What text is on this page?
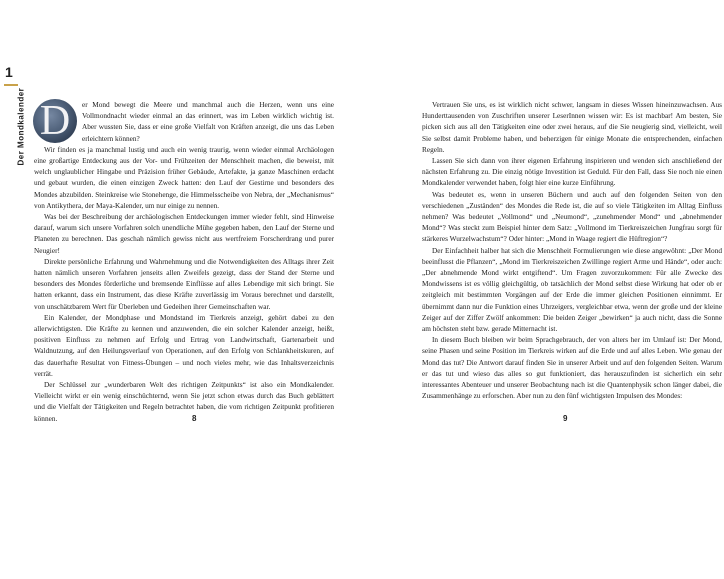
1
Der Mondkalender D	er Mond bewegt die Meere und manchmal auch die Herzen, wenn uns eine Vollmondnacht wieder einmal an das erinnert, was im Leben wirklich wichtig ist. Aber wussten Sie, dass er eine große Vielfalt von Kräften anzeigt, die uns das Leben erleichtern können?

Wir finden es ja manchmal lustig und auch ein wenig traurig, wenn wieder einmal Archäologen eine großartige Entdeckung aus der Vor- und Frühzeiten der Menschheit machen, die beweist, mit welch unglaublicher Hingabe und Präzision früher Gebäude, Artefakte, ja ganze Maschinen erdacht und gebaut wurden, die einen einzigen Zweck hatten: den Lauf der Gestirne und besonders des Mondes abzubilden. Steinkreise wie Stonehenge, die Himmelsscheibe von Nebra, der „Mechanismus“ von Antikythera, der Maya-Kalender, um nur einige zu nennen.

Was bei der Beschreibung der archäologischen Entdeckungen immer wieder fehlt, sind Hinweise darauf, warum sich unsere Vorfahren solch unendliche Mühe gegeben haben, den Lauf der Sterne und Planeten zu berechnen. Das geschah nämlich gewiss nicht aus wertfreiem Forscherdrang und purer Neugier!

Direkte persönliche Erfahrung und Wahrnehmung und die Notwendigkeiten des Alltags ihrer Zeit hatten nämlich unseren Vorfahren jenseits allen Zweifels gezeigt, dass der Stand der Sterne und besonders des Mondes förderliche und bremsende Einflüsse auf alles Lebendige mit sich bringt. Sie hatten erkannt, dass ein Instrument, das diese Kräfte zuverlässig im Voraus berechnet und darstellt, von unschätzbarem Wert für Überleben und Gedeihen ihrer Gemeinschaften war.

Ein Kalender, der Mondphase und Mondstand im Tierkreis anzeigt, gehört dabei zu den allerwichtigsten. Die Kräfte zu kennen und anzuwenden, die ein solcher Kalender anzeigt, heißt, positiven Einfluss zu nehmen auf Erfolg und Ertrag von Landwirtschaft, Gartenarbeit und Waldnutzung, auf den Heilungsverlauf von Operationen, auf den Erfolg von Schlankheitskuren, auf das dauerhafte Resultat von Fitness-Übungen – und noch vieles mehr, wie das Inhaltsverzeichnis verrät.

Der Schlüssel zur „wunderbaren Welt des richtigen Zeitpunkts“ ist also ein Mondkalender. Vielleicht wirkt er ein wenig einschüchternd, wenn Sie jetzt schon etwas durch das Buch geblättert und die Vielfalt der Tätigkeiten und Regeln betrachtet haben, die vom richtigen Zeitpunkt profitieren können.

Vertrauen Sie uns, es ist wirklich nicht schwer, langsam in dieses Wissen hineinzuwachsen. Aus Hunderttausenden von Zuschriften unserer LeserInnen wissen wir: Es ist machbar! Am besten, Sie picken sich aus all den Tätigkeiten eine oder zwei heraus, auf die Sie neugierig sind, vielleicht, weil Sie selbst damit Probleme haben, und beherzigen für einige Monate die entsprechenden, einfachen Regeln.

Lassen Sie sich dann von ihrer eigenen Erfahrung inspirieren und wenden sich anschließend der nächsten Erfahrung zu. Die einzig nötige Investition ist Geduld. Für den Fall, dass Sie noch nie einen Mondkalender verwendet haben, folgt hier eine kurze Einführung.

Was bedeutet es, wenn in unseren Büchern und auch auf den folgenden Seiten von den verschiedenen „Zuständen“ des Mondes die Rede ist, die auf so viele Tätigkeiten im Alltag Einfluss nehmen? Was bedeutet „Vollmond“ und „Neumond“, „zunehmender Mond“ und „abnehmender Mond“? Was steckt zum Beispiel hinter dem Satz: „Vollmond im Tierkreiszeichen Jungfrau sorgt für stärkeres Wurzelwachstum“? Oder hinter: „Mond in Waage regiert die Hüftregion“?

Der Einfachheit halber hat sich die Menschheit Formulierungen wie diese angewöhnt: „Der Mond beeinflusst die Pflanzen“, „Mond im Tierkreiszeichen Zwillinge regiert Arme und Hände“, oder auch: „Der abnehmende Mond wirkt entgiftend“. Um Fragen zuvorzukommen: Für alle Zwecke des Mondwissens ist es völlig gleichgültig, ob tatsächlich der Mond selbst diese Wirkung hat oder ob er zeitgleich mit bestimmten Vorgängen auf der Erde die immer gleichen Positionen einnimmt. Er übernimmt dann nur die Funktion eines Uhrzeigers, vergleichbar etwa, wenn der große und der kleine Zeiger auf der Ziffer Zwölf ankommen: Die beiden Zeiger „bewirken“ ja auch nicht, dass die Sonne am höchsten steht bzw. gerade Mitternacht ist.

In diesem Buch bleiben wir beim Sprachgebrauch, der von alters her im Umlauf ist: Der Mond, seine Phasen und seine Position im Tierkreis wirken auf die Erde und auf alles Leben. Wie genau der Mond das tut? Die Antwort darauf finden Sie in unserer Arbeit und auf den folgenden Seiten. Warum er das tut und wieso das alles so gut funktioniert, das herauszufinden ist sicherlich ein sehr interessantes Abenteuer und unserer Beobachtung nach ist die Quantenphysik schon länger dabei, die Zusammenhänge zu erforschen. Aber nun zu den fünf wichtigsten Impulsen des Mondes:

8	9
